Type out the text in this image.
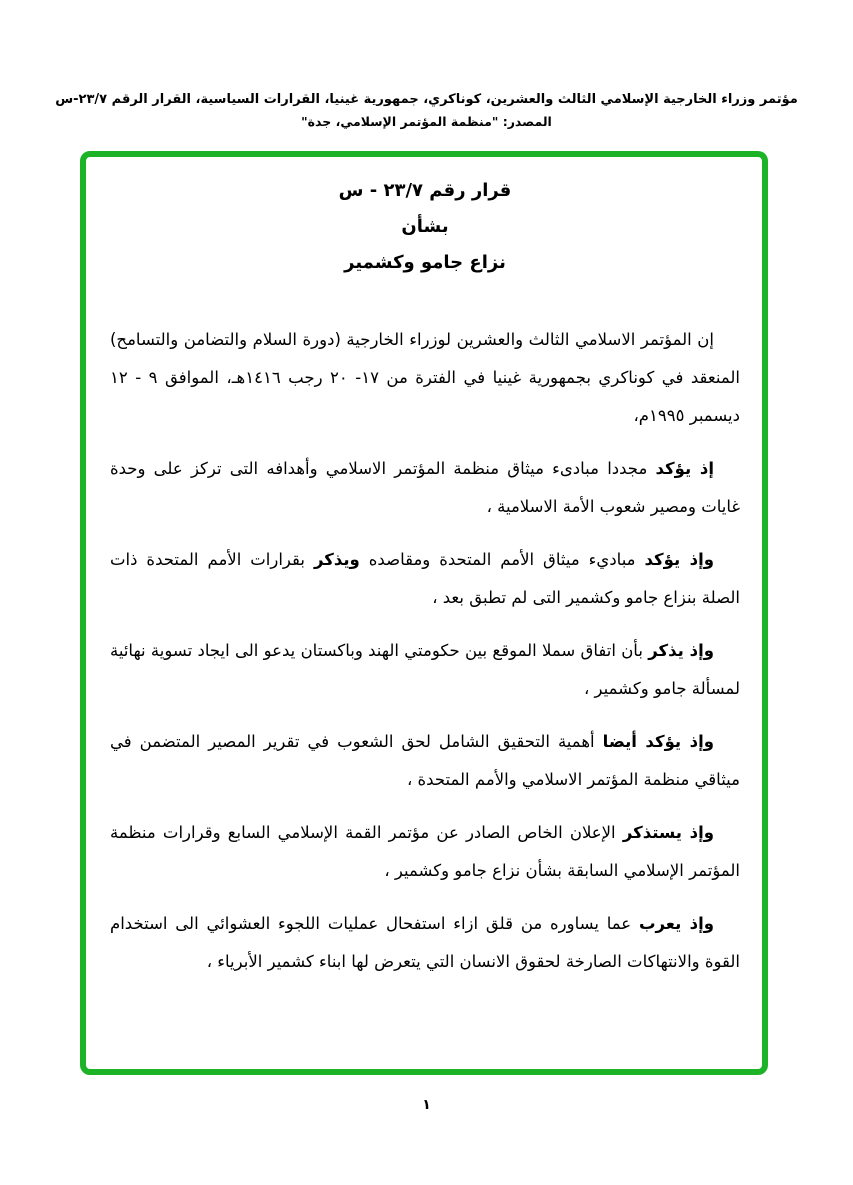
مؤتمر وزراء الخارجية الإسلامي الثالث والعشرين، كوناكري، جمهورية غينيا، القرارات السياسية، القرار الرقم ٢٣/٧-س
المصدر: "منظمة المؤتمر الإسلامي، جدة"
قرار رقم ٢٣/٧ - س
بشأن
نزاع جامو وكشمير

إن المؤتمر الاسلامي الثالث والعشرين لوزراء الخارجية (دورة السلام والتضامن والتسامح) المنعقد في كوناكري بجمهورية غينيا في الفترة من ١٧- ٢٠ رجب ١٤١٦هـ، الموافق ٩ - ١٢ ديسمبر ١٩٩٥م،

إذ يؤكد مجددا مبادىء ميثاق منظمة المؤتمر الاسلامي وأهدافه التى تركز على وحدة غايات ومصير شعوب الأمة الاسلامية ،

وإذ يؤكد مباديء ميثاق الأمم المتحدة ومقاصده ويذكر بقرارات الأمم المتحدة ذات الصلة بنزاع جامو وكشمير التى لم تطبق بعد ،

وإذ يذكر بأن اتفاق سملا الموقع بين حكومتي الهند وباكستان يدعو الى ايجاد تسوية نهائية لمسألة جامو وكشمير ،

وإذ يؤكد أيضا أهمية التحقيق الشامل لحق الشعوب في تقرير المصير المتضمن في ميثاقي منظمة المؤتمر الاسلامي والأمم المتحدة ،

وإذ يستذكر الإعلان الخاص الصادر عن مؤتمر القمة الإسلامي السابع وقرارات منظمة المؤتمر الإسلامي السابقة بشأن نزاع جامو وكشمير ،

وإذ يعرب عما يساوره من قلق ازاء استفحال عمليات اللجوء العشوائي الى استخدام القوة والانتهاكات الصارخة لحقوق الانسان التي يتعرض لها ابناء كشمير الأبرياء ،

١
